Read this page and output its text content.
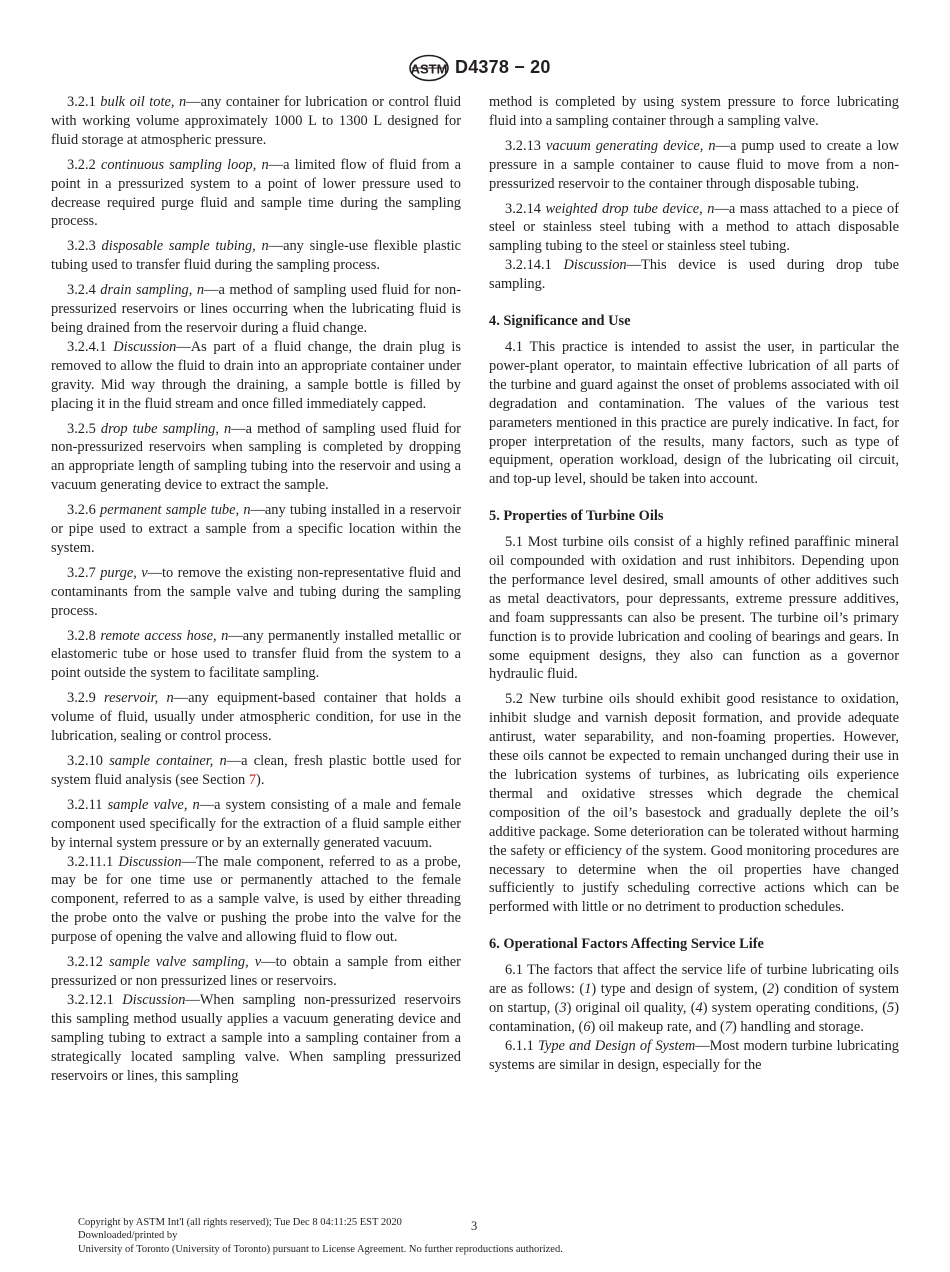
ASTM D4378 − 20

3.2.1 bulk oil tote, n—any container for lubrication or control fluid with working volume approximately 1000 L to 1300 L designed for fluid storage at atmospheric pressure.

3.2.2 continuous sampling loop, n—a limited flow of fluid from a point in a pressurized system to a point of lower pressure used to decrease required purge fluid and sample time during the sampling process.

3.2.3 disposable sample tubing, n—any single-use flexible plastic tubing used to transfer fluid during the sampling process.

3.2.4 drain sampling, n—a method of sampling used fluid for non-pressurized reservoirs or lines occurring when the lubricating fluid is being drained from the reservoir during a fluid change.

3.2.4.1 Discussion—As part of a fluid change, the drain plug is removed to allow the fluid to drain into an appropriate container under gravity. Mid way through the draining, a sample bottle is filled by placing it in the fluid stream and once filled immediately capped.

3.2.5 drop tube sampling, n—a method of sampling used fluid for non-pressurized reservoirs when sampling is completed by dropping an appropriate length of sampling tubing into the reservoir and using a vacuum generating device to extract the sample.

3.2.6 permanent sample tube, n—any tubing installed in a reservoir or pipe used to extract a sample from a specific location within the system.

3.2.7 purge, v—to remove the existing non-representative fluid and contaminants from the sample valve and tubing during the sampling process.

3.2.8 remote access hose, n—any permanently installed metallic or elastomeric tube or hose used to transfer fluid from the system to a point outside the system to facilitate sampling.

3.2.9 reservoir, n—any equipment-based container that holds a volume of fluid, usually under atmospheric condition, for use in the lubrication, sealing or control process.

3.2.10 sample container, n—a clean, fresh plastic bottle used for system fluid analysis (see Section 7).

3.2.11 sample valve, n—a system consisting of a male and female component used specifically for the extraction of a fluid sample either by internal system pressure or by an externally generated vacuum.

3.2.11.1 Discussion—The male component, referred to as a probe, may be for one time use or permanently attached to the female component, referred to as a sample valve, is used by either threading the probe onto the valve or pushing the probe into the valve for the purpose of opening the valve and allowing fluid to flow out.

3.2.12 sample valve sampling, v—to obtain a sample from either pressurized or non pressurized lines or reservoirs.

3.2.12.1 Discussion—When sampling non-pressurized reservoirs this sampling method usually applies a vacuum generating device and sampling tubing to extract a sample into a sampling container from a strategically located sampling valve. When sampling pressurized reservoirs or lines, this sampling

method is completed by using system pressure to force lubricating fluid into a sampling container through a sampling valve.

3.2.13 vacuum generating device, n—a pump used to create a low pressure in a sample container to cause fluid to move from a non-pressurized reservoir to the container through disposable tubing.

3.2.14 weighted drop tube device, n—a mass attached to a piece of steel or stainless steel tubing with a method to attach disposable sampling tubing to the steel or stainless steel tubing.

3.2.14.1 Discussion—This device is used during drop tube sampling.

4. Significance and Use

4.1 This practice is intended to assist the user, in particular the power-plant operator, to maintain effective lubrication of all parts of the turbine and guard against the onset of problems associated with oil degradation and contamination. The values of the various test parameters mentioned in this practice are purely indicative. In fact, for proper interpretation of the results, many factors, such as type of equipment, operation workload, design of the lubricating oil circuit, and top-up level, should be taken into account.

5. Properties of Turbine Oils

5.1 Most turbine oils consist of a highly refined paraffinic mineral oil compounded with oxidation and rust inhibitors. Depending upon the performance level desired, small amounts of other additives such as metal deactivators, pour depressants, extreme pressure additives, and foam suppressants can also be present. The turbine oil’s primary function is to provide lubrication and cooling of bearings and gears. In some equipment designs, they also can function as a governor hydraulic fluid.

5.2 New turbine oils should exhibit good resistance to oxidation, inhibit sludge and varnish deposit formation, and provide adequate antirust, water separability, and non-foaming properties. However, these oils cannot be expected to remain unchanged during their use in the lubrication systems of turbines, as lubricating oils experience thermal and oxidative stresses which degrade the chemical composition of the oil’s basestock and gradually deplete the oil’s additive package. Some deterioration can be tolerated without harming the safety or efficiency of the system. Good monitoring procedures are necessary to determine when the oil properties have changed sufficiently to justify scheduling corrective actions which can be performed with little or no detriment to production schedules.

6. Operational Factors Affecting Service Life

6.1 The factors that affect the service life of turbine lubricating oils are as follows: (1) type and design of system, (2) condition of system on startup, (3) original oil quality, (4) system operating conditions, (5) contamination, (6) oil makeup rate, and (7) handling and storage.

6.1.1 Type and Design of System—Most modern turbine lubricating systems are similar in design, especially for the

Copyright by ASTM Int'l (all rights reserved); Tue Dec 8 04:11:25 EST 2020
Downloaded/printed by
University of Toronto (University of Toronto) pursuant to License Agreement. No further reproductions authorized.
3
